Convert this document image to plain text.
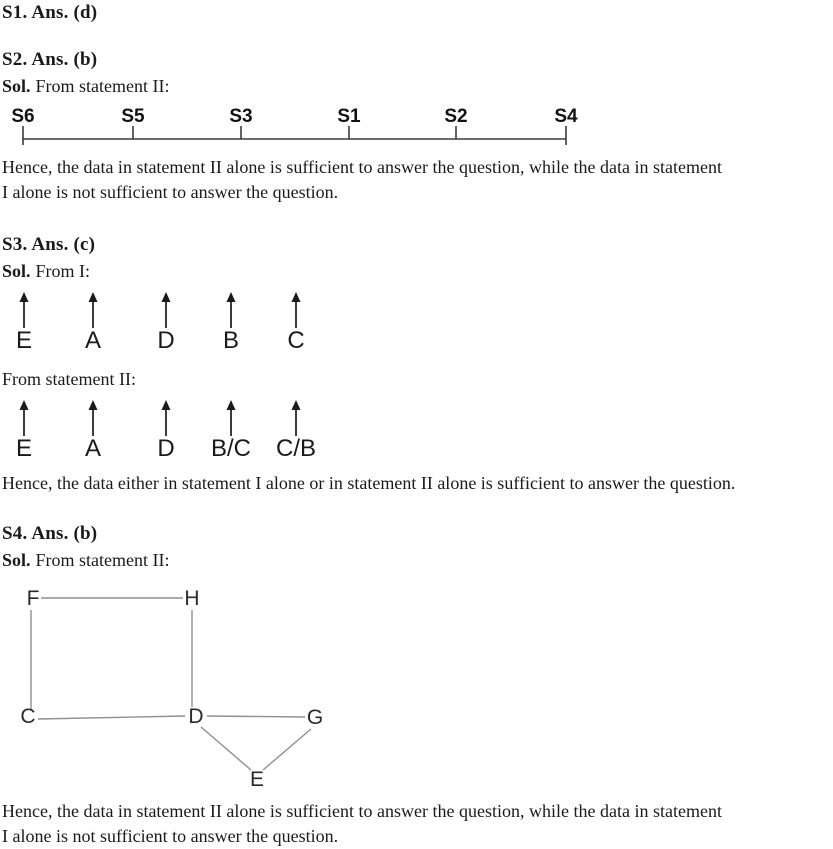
S1. Ans. (d)
S2. Ans. (b)
Sol. From statement II:
S6	S5	S3	S1	S2	S4
Hence, the data in statement II alone is sufficient to answer the question, while the data in statement
I alone is not sufficient to answer the question.
S3. Ans. (c)
Sol. From I:
E A D B C
From statement II:
E A D B/C C/B
Hence, the data either in statement I alone or in statement II alone is sufficient to answer the question.
S4. Ans. (b)
Sol. From statement II:
F	H
C	D	G
E
Hence, the data in statement II alone is sufficient to answer the question, while the data in statement
I alone is not sufficient to answer the question.
